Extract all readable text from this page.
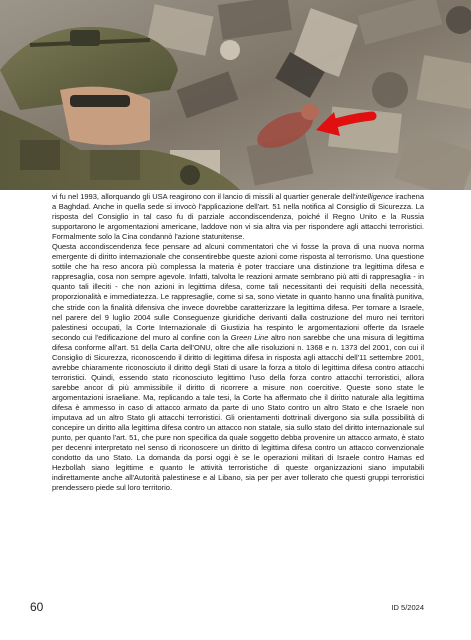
vi fu nel 1993, allorquando gli USA reagirono con il lancio di missili al quartier generale dell'intelligence irachena a Baghdad. Anche in quella sede si invocò l'applicazione dell'art. 51 nella notifica al Consiglio di Sicurezza. La risposta del Consiglio in tal caso fu di parziale accondiscendenza, poiché il Regno Unito e la Russia supportarono le argomentazioni americane, laddove non vi sia altra via per rispondere agli attacchi terroristici. Formalmente solo la Cina condannò l'azione statunitense.

Questa accondiscendenza fece pensare ad alcuni commentatori che vi fosse la prova di una nuova norma emergente di diritto internazionale che consentirebbe queste azioni come risposta al terrorismo. Una questione sottile che ha reso ancora più complessa la materia è poter tracciare una distinzione tra legittima difesa e rappresaglia, cosa non sempre agevole. Infatti, talvolta le reazioni armate sembrano più atti di rappresaglia - in quanto tali illeciti - che non azioni in legittima difesa, come tali necessitanti dei requisiti della necessità, proporzionalità e immediatezza. Le rappresaglie, come si sa, sono vietate in quanto hanno una finalità punitiva, che stride con la finalità difensiva che invece dovrebbe caratterizzare la legittima difesa. Per tornare a Israele, nel parere del 9 luglio 2004 sulle Conseguenze giuridiche derivanti dalla costruzione del muro nei territori palestinesi occupati, la Corte Internazionale di Giustizia ha respinto le argomentazioni offerte da Israele secondo cui l'edificazione del muro al confine con la Green Line altro non sarebbe che una misura di legittima difesa conforme all'art. 51 della Carta dell'ONU, oltre che alle risoluzioni n. 1368 e n. 1373 del 2001, con cui il Consiglio di Sicurezza, riconoscendo il diritto di legittima difesa in risposta agli attacchi dell'11 settembre 2001, avrebbe chiaramente riconosciuto il diritto degli Stati di usare la forza a titolo di legittima difesa contro attacchi terroristici. Quindi, essendo stato riconosciuto legittimo l'uso della forza contro attacchi terroristici, allora sarebbe ancor di più ammissibile il diritto di ricorrere a misure non coercitive. Queste sono state le argomentazioni israeliane. Ma, replicando a tale tesi, la Corte ha affermato che il diritto naturale alla legittima difesa è ammesso in caso di attacco armato da parte di uno Stato contro un altro Stato e che Israele non imputava ad un altro Stato gli attacchi terroristici. Gli orientamenti dottrinali divergono sia sulla possibilità di concepire un diritto alla legittima difesa contro un attacco non statale, sia sullo stato del diritto internazionale sul punto, per quanto l'art. 51, che pure non specifica da quale soggetto debba provenire un attacco armato, è stato per decenni interpretato nel senso di riconoscere un diritto di legittima difesa contro un attacco convenzionale condotto da uno Stato. La domanda da porsi oggi è se le operazioni militari di Israele contro Hamas ed Hezbollah siano legittime e quanto le attività terroristiche di queste organizzazioni siano imputabili indirettamente anche all'Autorità palestinese e al Libano, sia per per aver tollerato che questi gruppi terroristici prendessero piede sul loro territorio.

60	ID 5/2024
